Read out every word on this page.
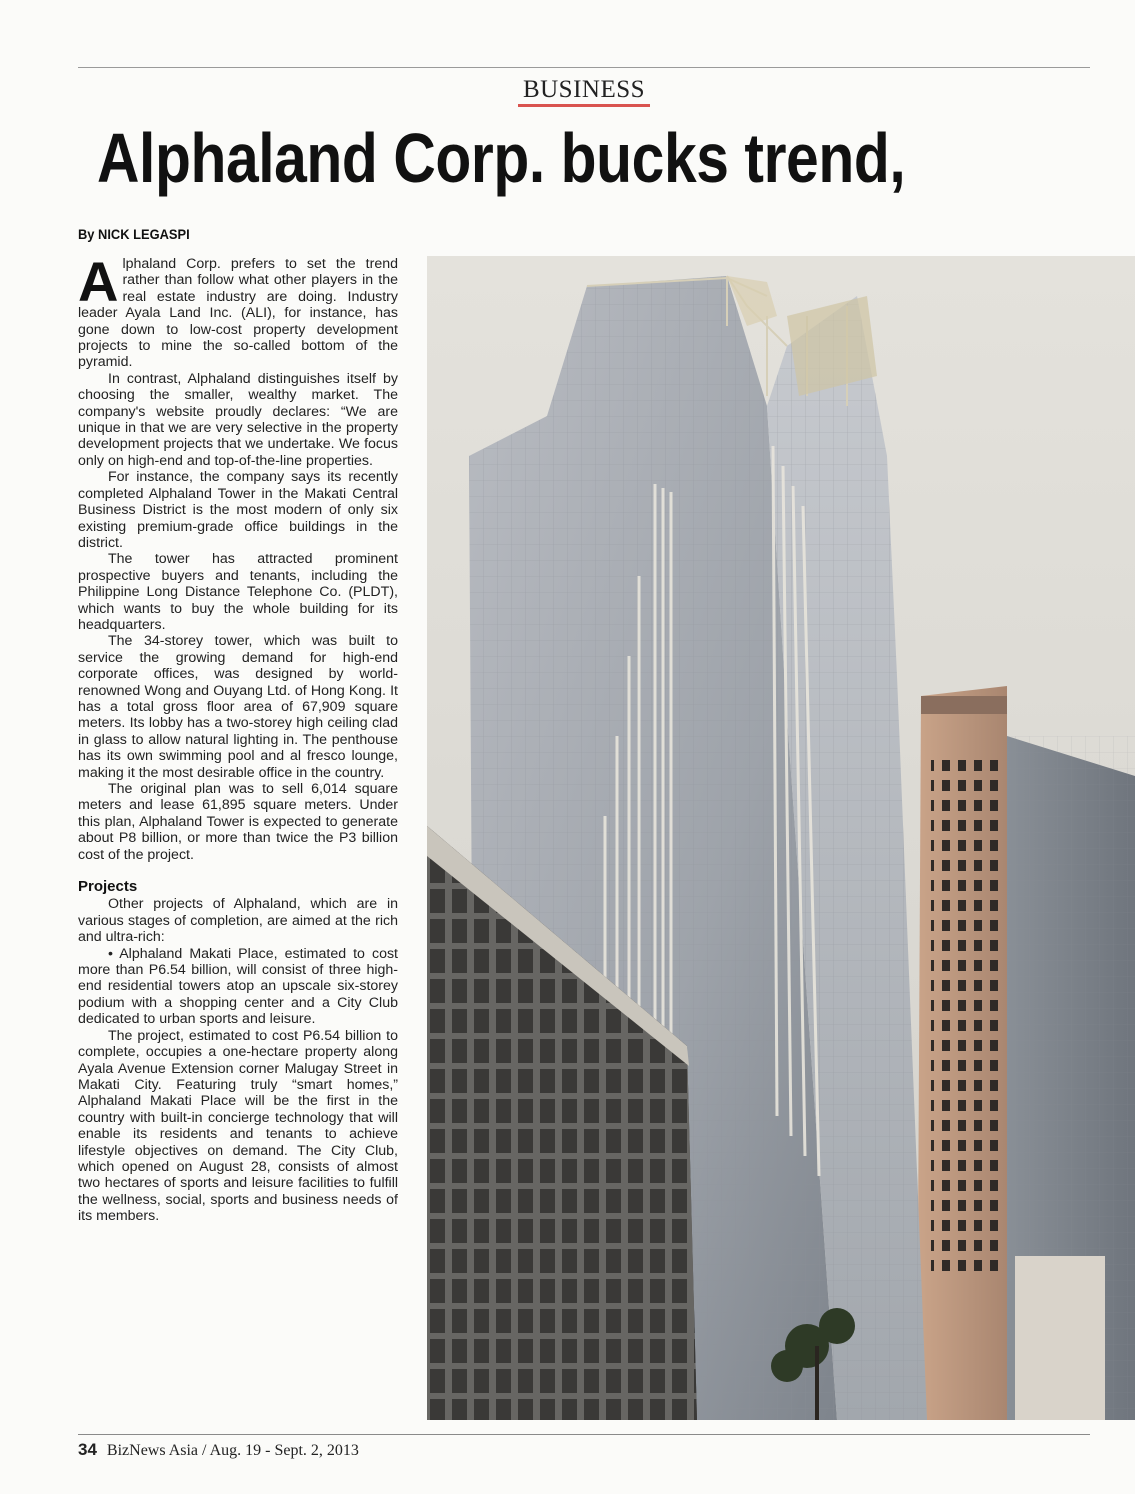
BUSINESS
Alphaland Corp. bucks trend,
By NICK LEGASPI

Alphaland Corp. prefers to set the trend rather than follow what other players in the real estate industry are doing. Industry leader Ayala Land Inc. (ALI), for instance, has gone down to low-cost property development projects to mine the so-called bottom of the pyramid.

In contrast, Alphaland distinguishes itself by choosing the smaller, wealthy market. The company's website proudly declares: “We are unique in that we are very selective in the property development projects that we undertake. We focus only on high-end and top-of-the-line properties.

For instance, the company says its recently completed Alphaland Tower in the Makati Central Business District is the most modern of only six existing premium-grade office buildings in the district.

The tower has attracted prominent prospective buyers and tenants, including the Philippine Long Distance Telephone Co. (PLDT), which wants to buy the whole building for its headquarters.

The 34-storey tower, which was built to service the growing demand for high-end corporate offices, was designed by world-renowned Wong and Ouyang Ltd. of Hong Kong. It has a total gross floor area of 67,909 square meters. Its lobby has a two-storey high ceiling clad in glass to allow natural lighting in. The penthouse has its own swimming pool and al fresco lounge, making it the most desirable office in the country.

The original plan was to sell 6,014 square meters and lease 61,895 square meters. Under this plan, Alphaland Tower is expected to generate about P8 billion, or more than twice the P3 billion cost of the project.

Projects

Other projects of Alphaland, which are in various stages of completion, are aimed at the rich and ultra-rich:

• Alphaland Makati Place, estimated to cost more than P6.54 billion, will consist of three high-end residential towers atop an upscale six-storey podium with a shopping center and a City Club dedicated to urban sports and leisure.

The project, estimated to cost P6.54 billion to complete, occupies a one-hectare property along Ayala Avenue Extension corner Malugay Street in Makati City. Featuring truly “smart homes,” Alphaland Makati Place will be the first in the country with built-in concierge technology that will enable its residents and tenants to achieve lifestyle objectives on demand. The City Club, which opened on August 28, consists of almost two hectares of sports and leisure facilities to fulfill the wellness, social, sports and business needs of its members.

34 BizNews Asia / Aug. 19 - Sept. 2, 2013
